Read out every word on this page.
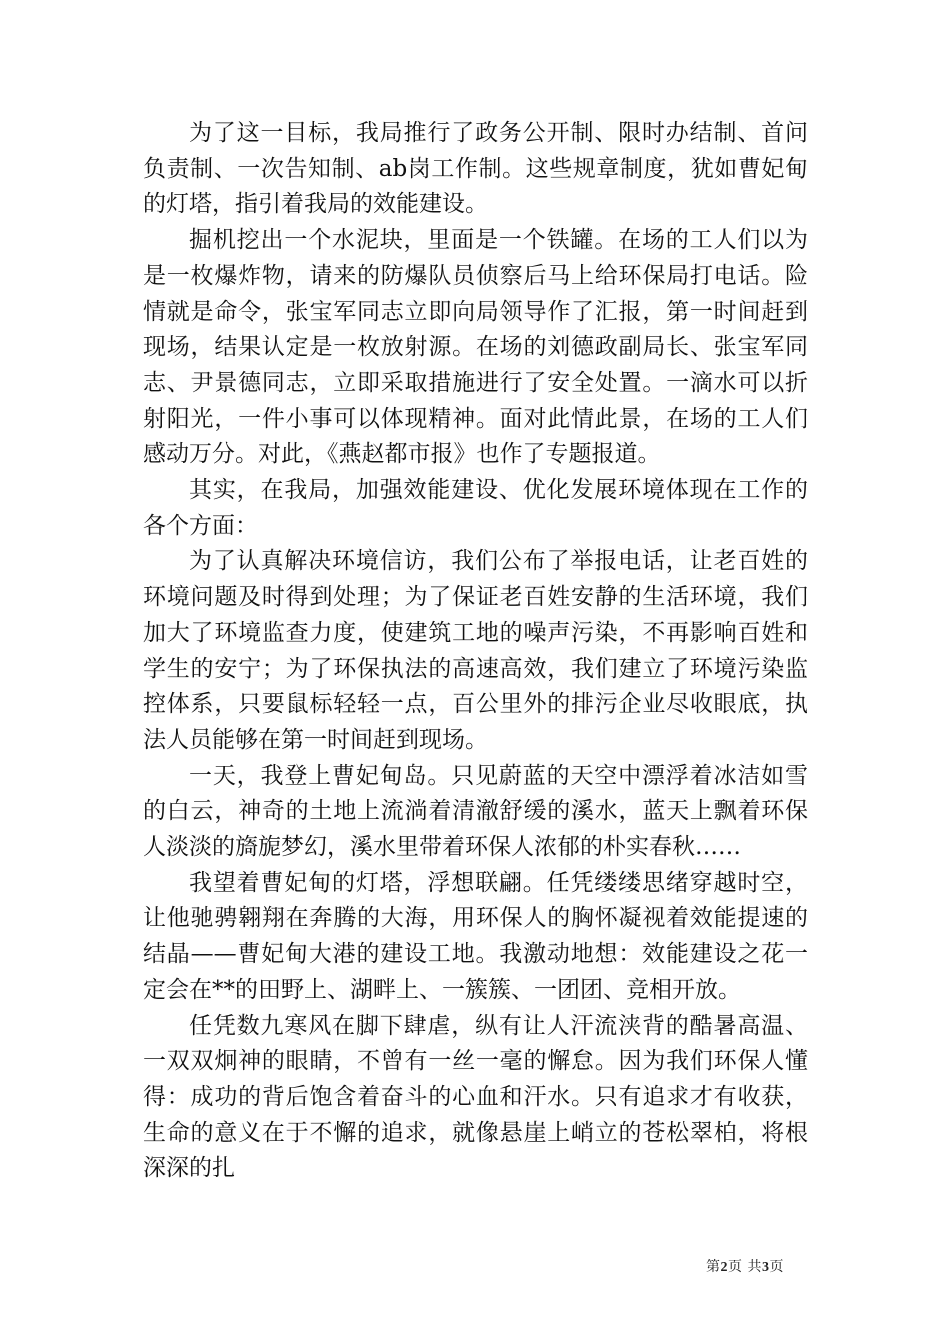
为了这一目标，我局推行了政务公开制、限时办结制、首问负责制、一次告知制、ab岗工作制。这些规章制度，犹如曹妃甸的灯塔，指引着我局的效能建设。

掘机挖出一个水泥块，里面是一个铁罐。在场的工人们以为是一枚爆炸物，请来的防爆队员侦察后马上给环保局打电话。险情就是命令，张宝军同志立即向局领导作了汇报，第一时间赶到现场，结果认定是一枚放射源。在场的刘德政副局长、张宝军同志、尹景德同志，立即采取措施进行了安全处置。一滴水可以折射阳光，一件小事可以体现精神。面对此情此景，在场的工人们感动万分。对此，《燕赵都市报》也作了专题报道。

其实，在我局，加强效能建设、优化发展环境体现在工作的各个方面：

为了认真解决环境信访，我们公布了举报电话，让老百姓的环境问题及时得到处理；为了保证老百姓安静的生活环境，我们加大了环境监查力度，使建筑工地的噪声污染，不再影响百姓和学生的安宁；为了环保执法的高速高效，我们建立了环境污染监控体系，只要鼠标轻轻一点，百公里外的排污企业尽收眼底，执法人员能够在第一时间赶到现场。

一天，我登上曹妃甸岛。只见蔚蓝的天空中漂浮着冰洁如雪的白云，神奇的土地上流淌着清澈舒缓的溪水，蓝天上飘着环保人淡淡的旖旎梦幻，溪水里带着环保人浓郁的朴实春秋……

我望着曹妃甸的灯塔，浮想联翩。任凭缕缕思绪穿越时空，让他驰骋翱翔在奔腾的大海，用环保人的胸怀凝视着效能提速的结晶——曹妃甸大港的建设工地。我激动地想：效能建设之花一定会在**的田野上、湖畔上、一簇簇、一团团、竞相开放。

任凭数九寒风在脚下肆虐，纵有让人汗流浃背的酷暑高温、一双双炯神的眼睛，不曾有一丝一毫的懈怠。因为我们环保人懂得：成功的背后饱含着奋斗的心血和汗水。只有追求才有收获，生命的意义在于不懈的追求，就像悬崖上峭立的苍松翠柏，将根深深的扎

第2页 共3页
